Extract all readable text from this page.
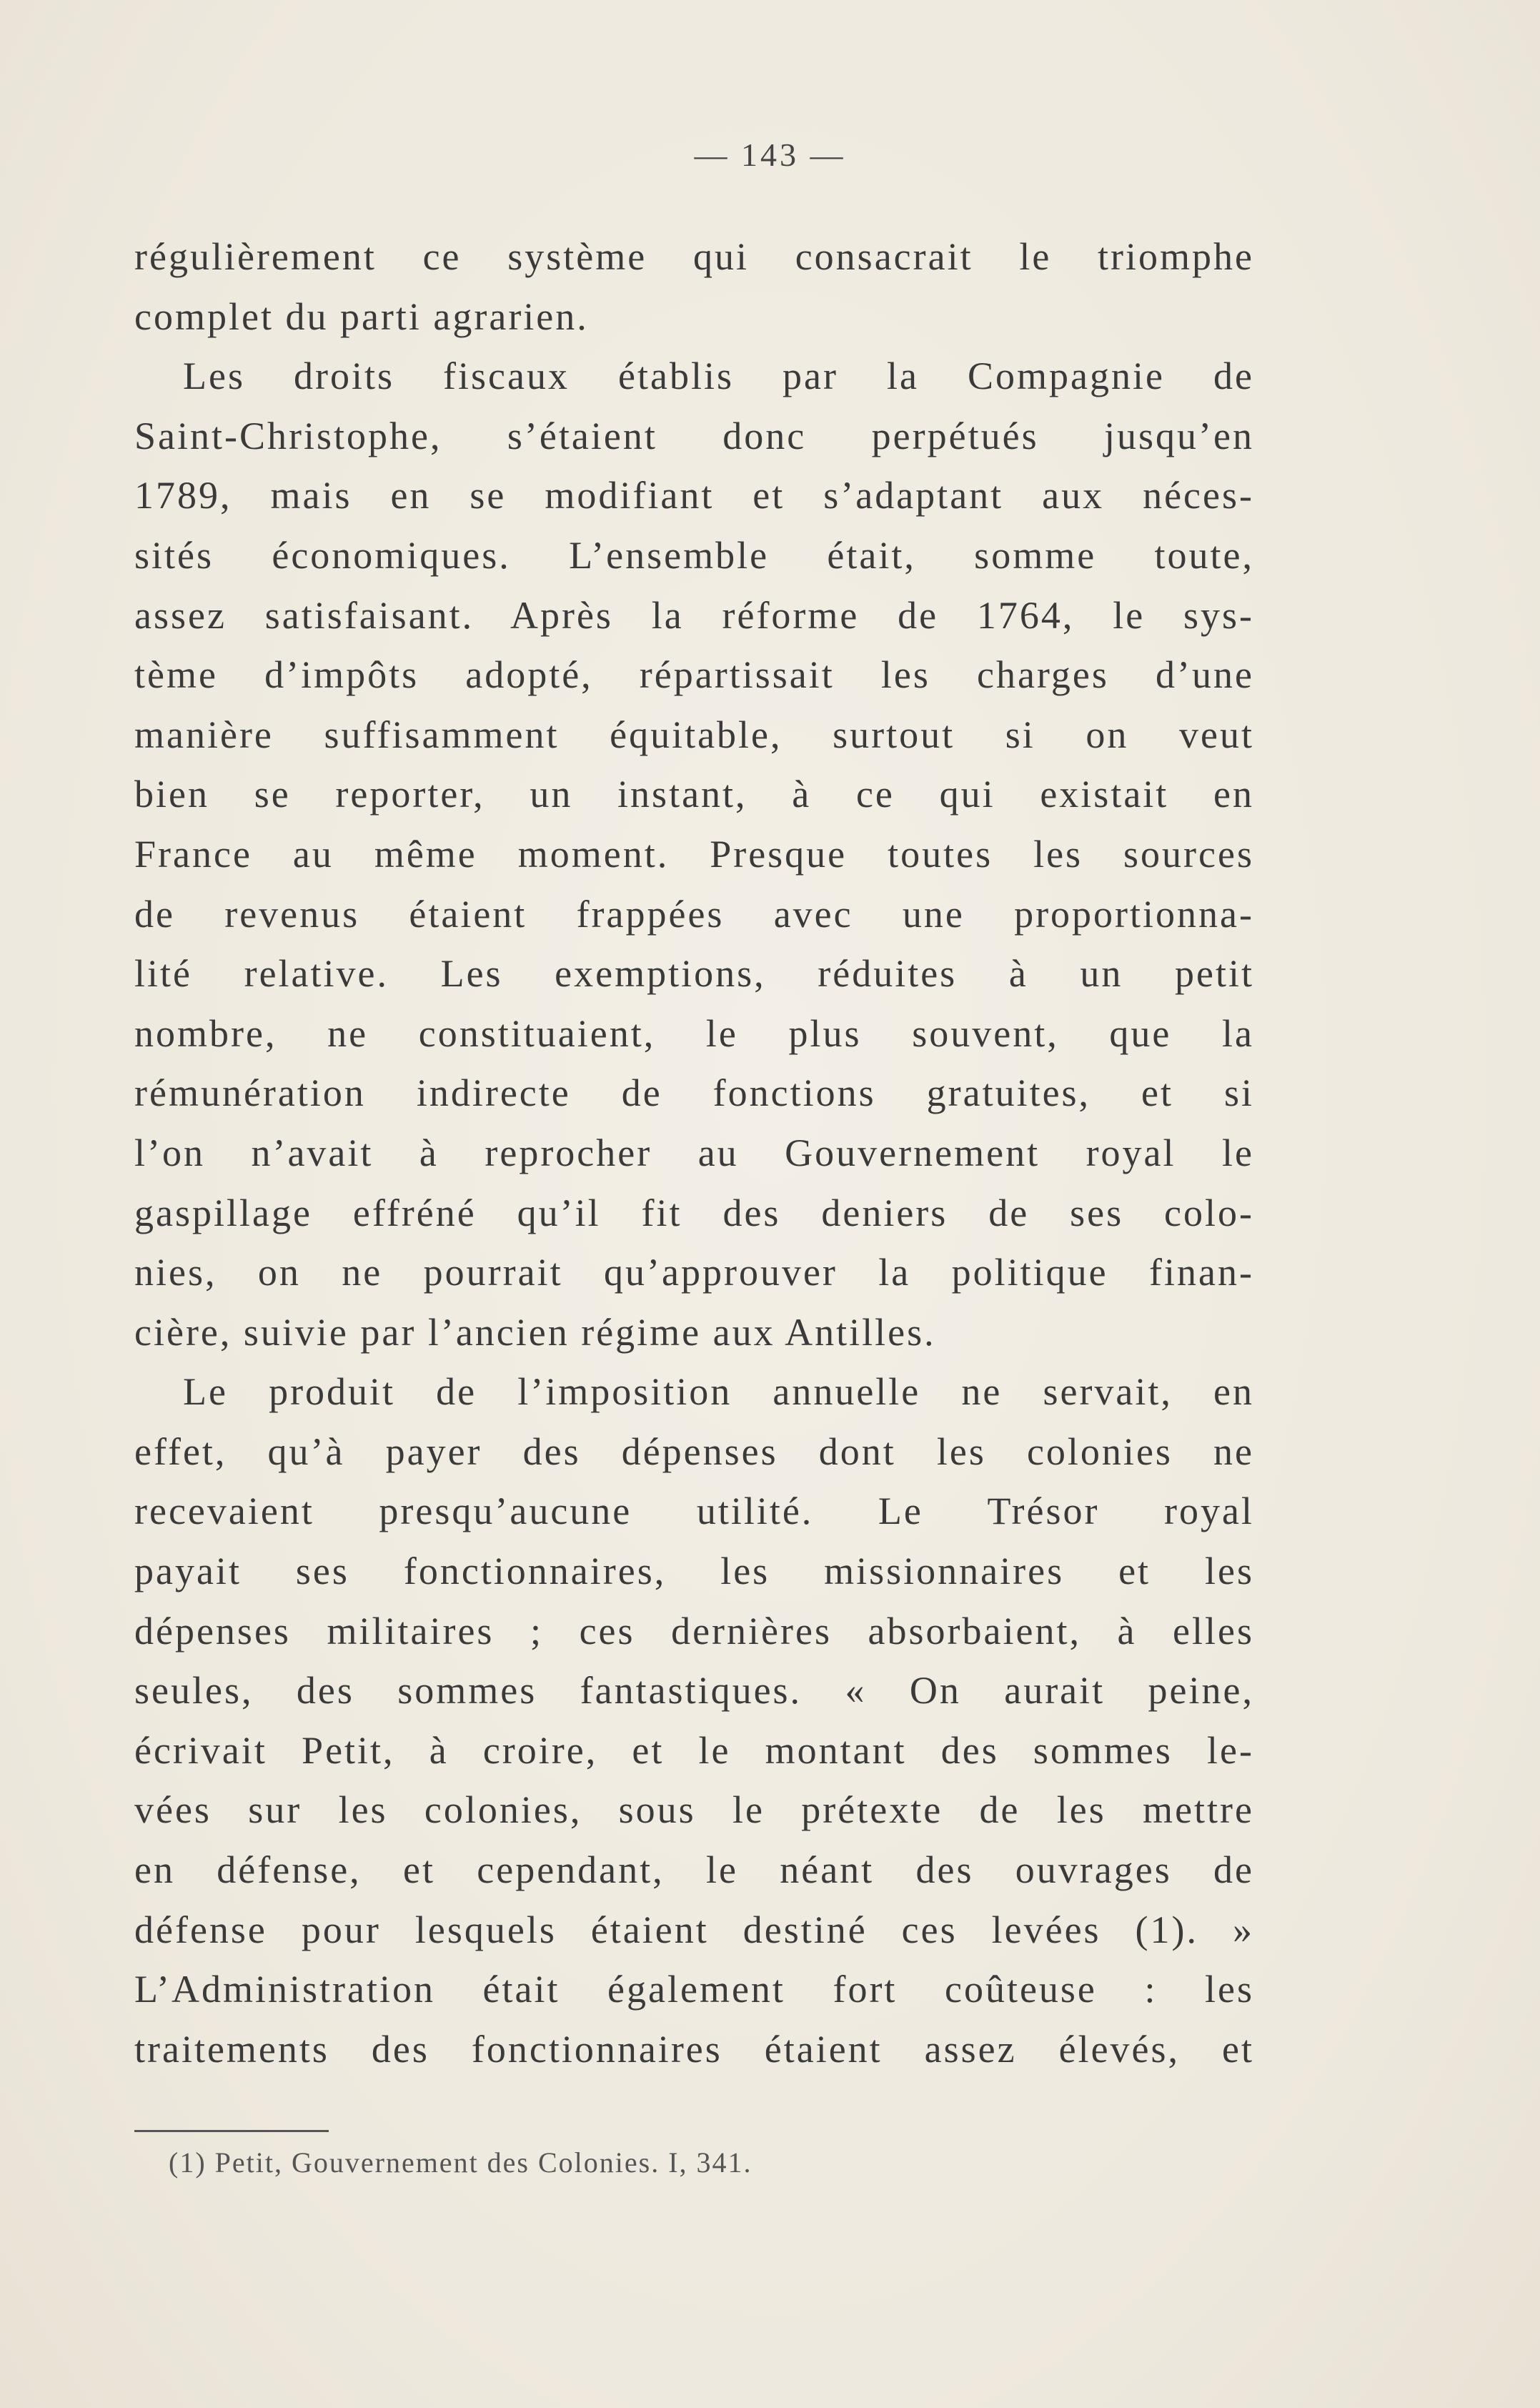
— 143 —
régulièrement ce système qui consacrait le triomphe
complet du parti agrarien.
Les droits fiscaux établis par la Compagnie de
Saint-Christophe, s’étaient donc perpétués jusqu’en
1789, mais en se modifiant et s’adaptant aux néces-
sités économiques. L’ensemble était, somme toute,
assez satisfaisant. Après la réforme de 1764, le sys-
tème d’impôts adopté, répartissait les charges d’une
manière suffisamment équitable, surtout si on veut
bien se reporter, un instant, à ce qui existait en
France au même moment. Presque toutes les sources
de revenus étaient frappées avec une proportionna-
lité relative. Les exemptions, réduites à un petit
nombre, ne constituaient, le plus souvent, que la
rémunération indirecte de fonctions gratuites, et si
l’on n’avait à reprocher au Gouvernement royal le
gaspillage effréné qu’il fit des deniers de ses colo-
nies, on ne pourrait qu’approuver la politique finan-
cière, suivie par l’ancien régime aux Antilles.
Le produit de l’imposition annuelle ne servait, en
effet, qu’à payer des dépenses dont les colonies ne
recevaient presqu’aucune utilité. Le Trésor royal
payait ses fonctionnaires, les missionnaires et les
dépenses militaires ; ces dernières absorbaient, à elles
seules, des sommes fantastiques. « On aurait peine,
écrivait Petit, à croire, et le montant des sommes le-
vées sur les colonies, sous le prétexte de les mettre
en défense, et cependant, le néant des ouvrages de
défense pour lesquels étaient destiné ces levées (1). »
L’Administration était également fort coûteuse : les
traitements des fonctionnaires étaient assez élevés, et
(1) Petit, Gouvernement des Colonies. I, 341.
